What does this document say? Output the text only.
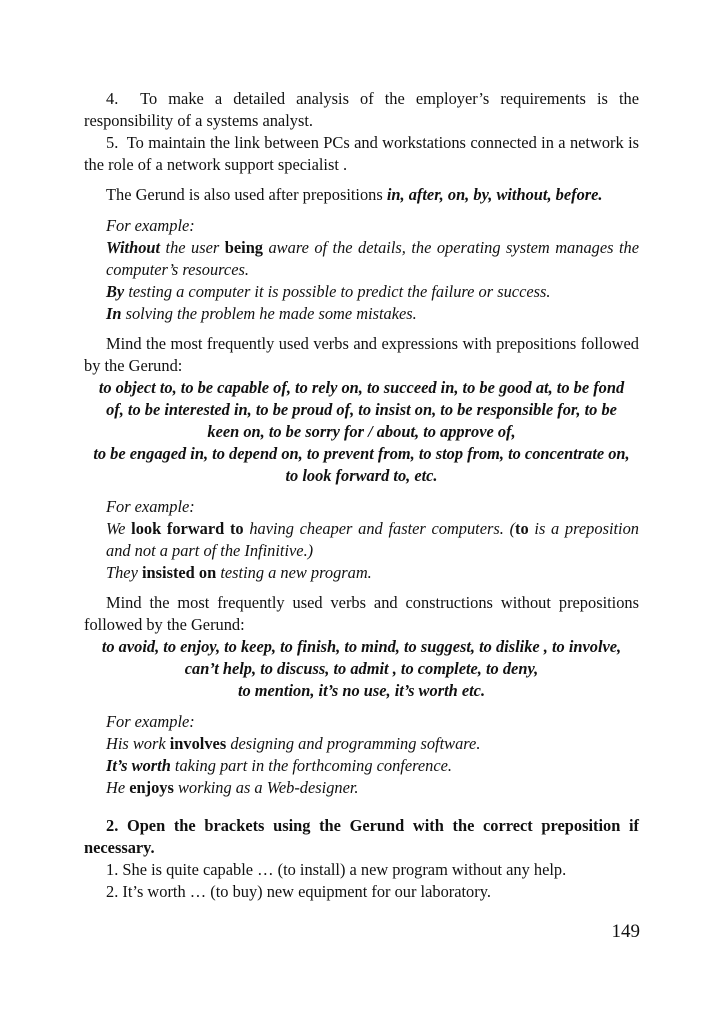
4. To make a detailed analysis of the employer’s requirements is the responsibility of a systems analyst.

5. To maintain the link between PCs and workstations connected in a network is the role of a network support specialist .

The Gerund is also used after prepositions in, after, on, by, without, before.

For example:

Without the user being aware of the details, the operating system manages the computer’s resources.

By testing a computer it is possible to predict the failure or success.

In solving the problem he made some mistakes.

Mind the most frequently used verbs and expressions with prepositions followed by the Gerund:

to object to, to be capable of, to rely on, to succeed in, to be good at, to be fond of, to be interested in, to be proud of, to insist on, to be responsible for, to be keen on, to be sorry for / about, to approve of,

to be engaged in, to depend on, to prevent from, to stop from, to concentrate on, to look forward to, etc.

For example:

We look forward to having cheaper and faster computers. (to is a preposition and not a part of the Infinitive.)

They insisted on testing a new program.

Mind the most frequently used verbs and constructions without prepositions followed by the Gerund:

to avoid, to enjoy, to keep, to finish, to mind, to suggest, to dislike , to involve, can’t help, to discuss, to admit , to complete, to deny,

to mention, it’s no use, it’s worth etc.

For example:

His work involves designing and programming software.

It’s worth taking part in the forthcoming conference.

He enjoys working as a Web-designer.

2. Open the brackets using the Gerund with the correct preposition if necessary.

1. She is quite capable … (to install) a new program without any help.

2. It’s worth … (to buy) new equipment for our laboratory.

149
